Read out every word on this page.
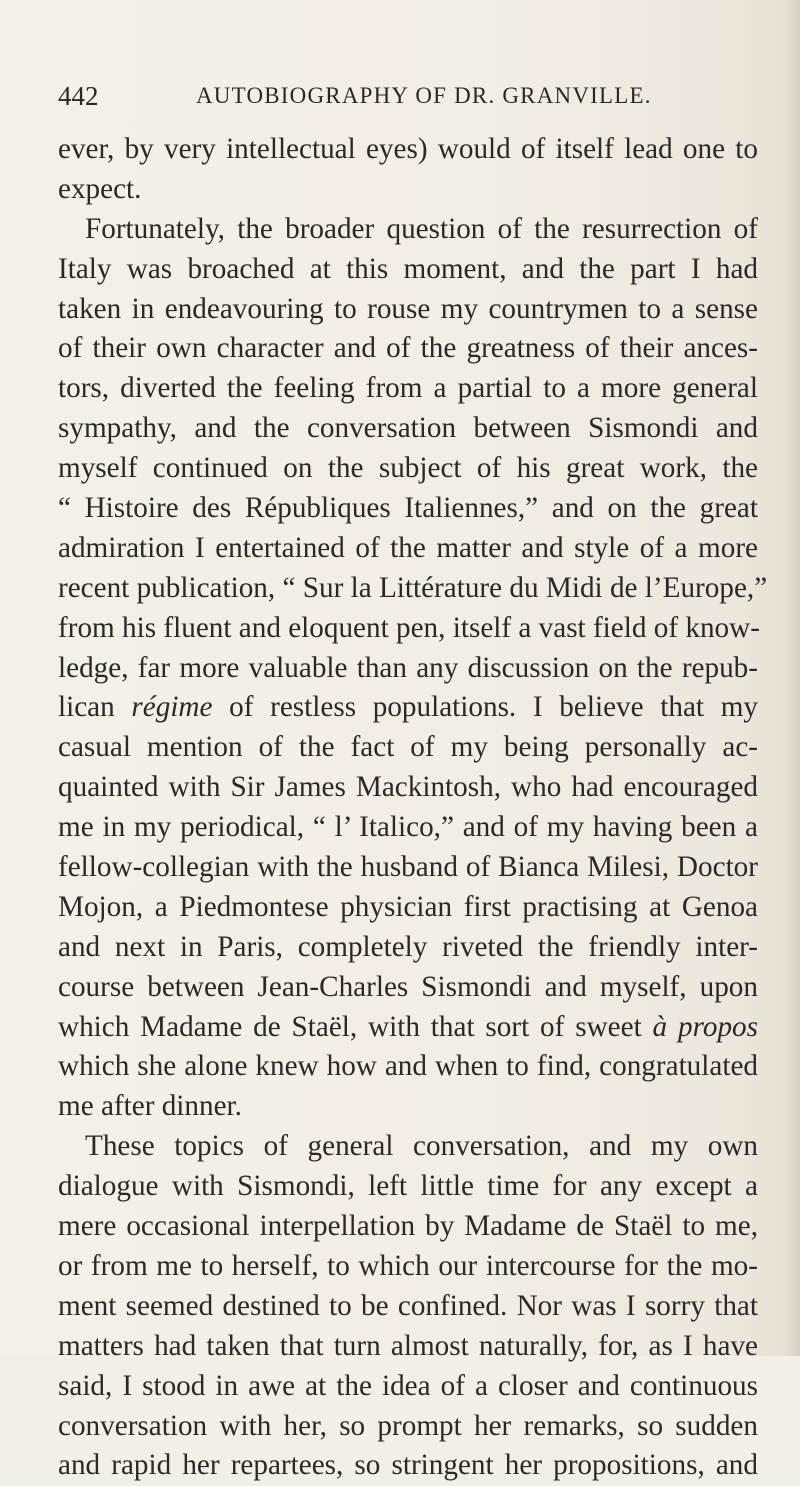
442	AUTOBIOGRAPHY OF DR. GRANVILLE.
ever, by very intellectual eyes) would of itself lead one to
expect.
Fortunately, the broader question of the resurrection of
Italy was broached at this moment, and the part I had
taken in endeavouring to rouse my countrymen to a sense
of their own character and of the greatness of their ances-
tors, diverted the feeling from a partial to a more general
sympathy, and the conversation between Sismondi and
myself continued on the subject of his great work, the
“ Histoire des Républiques Italiennes,” and on the great
admiration I entertained of the matter and style of a more
recent publication, “ Sur la Littérature du Midi de l’Europe,”
from his fluent and eloquent pen, itself a vast field of know-
ledge, far more valuable than any discussion on the repub-
lican régime of restless populations. I believe that my
casual mention of the fact of my being personally ac-
quainted with Sir James Mackintosh, who had encouraged
me in my periodical, “ l’ Italico,” and of my having been a
fellow-collegian with the husband of Bianca Milesi, Doctor
Mojon, a Piedmontese physician first practising at Genoa
and next in Paris, completely riveted the friendly inter-
course between Jean-Charles Sismondi and myself, upon
which Madame de Staël, with that sort of sweet à propos
which she alone knew how and when to find, congratulated
me after dinner.
These topics of general conversation, and my own
dialogue with Sismondi, left little time for any except a
mere occasional interpellation by Madame de Staël to me,
or from me to herself, to which our intercourse for the mo-
ment seemed destined to be confined. Nor was I sorry that
matters had taken that turn almost naturally, for, as I have
said, I stood in awe at the idea of a closer and continuous
conversation with her, so prompt her remarks, so sudden
and rapid her repartees, so stringent her propositions, and
